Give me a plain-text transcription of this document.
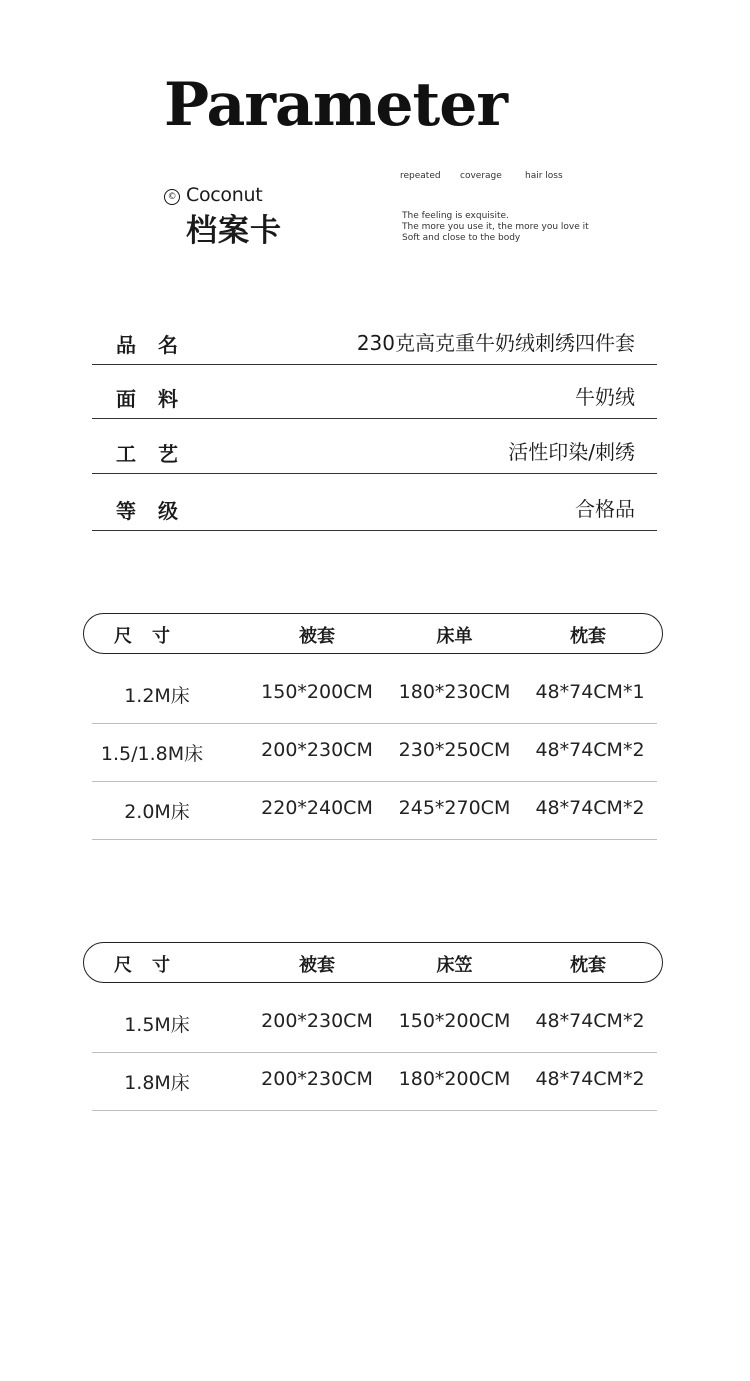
Parameter
© Coconut
档案卡
repeated coverage	hair loss
The feeling is exquisite.
The more you use it, the more you love it
Soft and close to the body
品名	230克高克重牛奶绒刺绣四件套
面料	牛奶绒
工艺	活性印染/刺绣
等级	合格品
尺寸	被套	床单	枕套
1.2M床	150*200CM	180*230CM	48*74CM*1
1.5/1.8M床	200*230CM	230*250CM	48*74CM*2
2.0M床	220*240CM	245*270CM	48*74CM*2
尺寸	被套	床笠	枕套
1.5M床	200*230CM	150*200CM	48*74CM*2
1.8M床	200*230CM	180*200CM	48*74CM*2
